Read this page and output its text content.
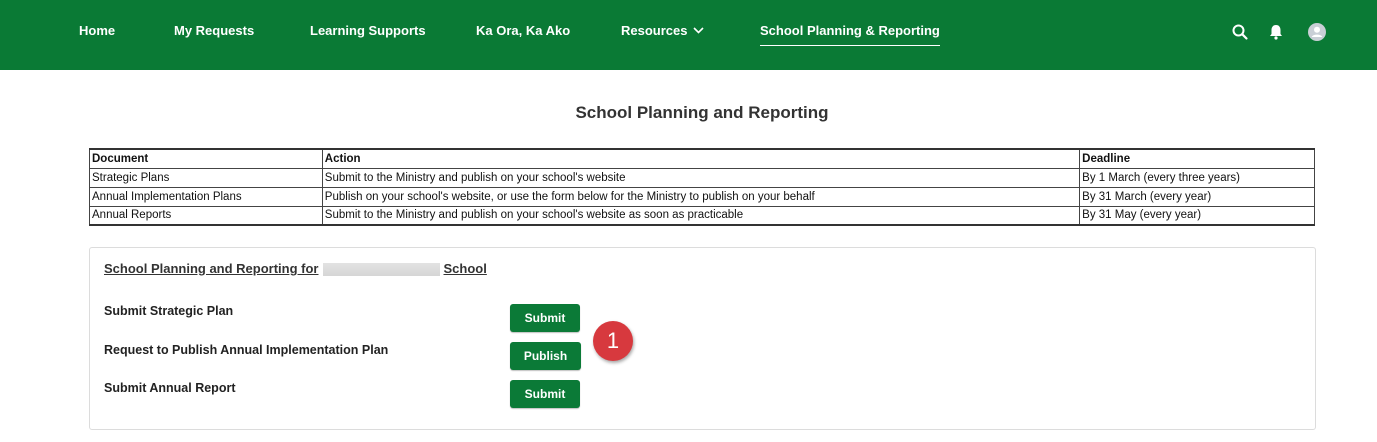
Home	My Requests	Learning Supports	Ka Ora, Ka Ako	Resources	School Planning & Reporting
School Planning and Reporting
Document	Action	Deadline
Strategic Plans	Submit to the Ministry and publish on your school's website	By 1 March (every three years)
Annual Implementation Plans	Publish on your school's website, or use the form below for the Ministry to publish on your behalf	By 31 March (every year)
Annual Reports	Submit to the Ministry and publish on your school's website as soon as practicable	By 31 May (every year)
School Planning and Reporting for	School
Submit Strategic Plan	Submit
Request to Publish Annual Implementation Plan	Publish
Submit Annual Report	Submit
1
